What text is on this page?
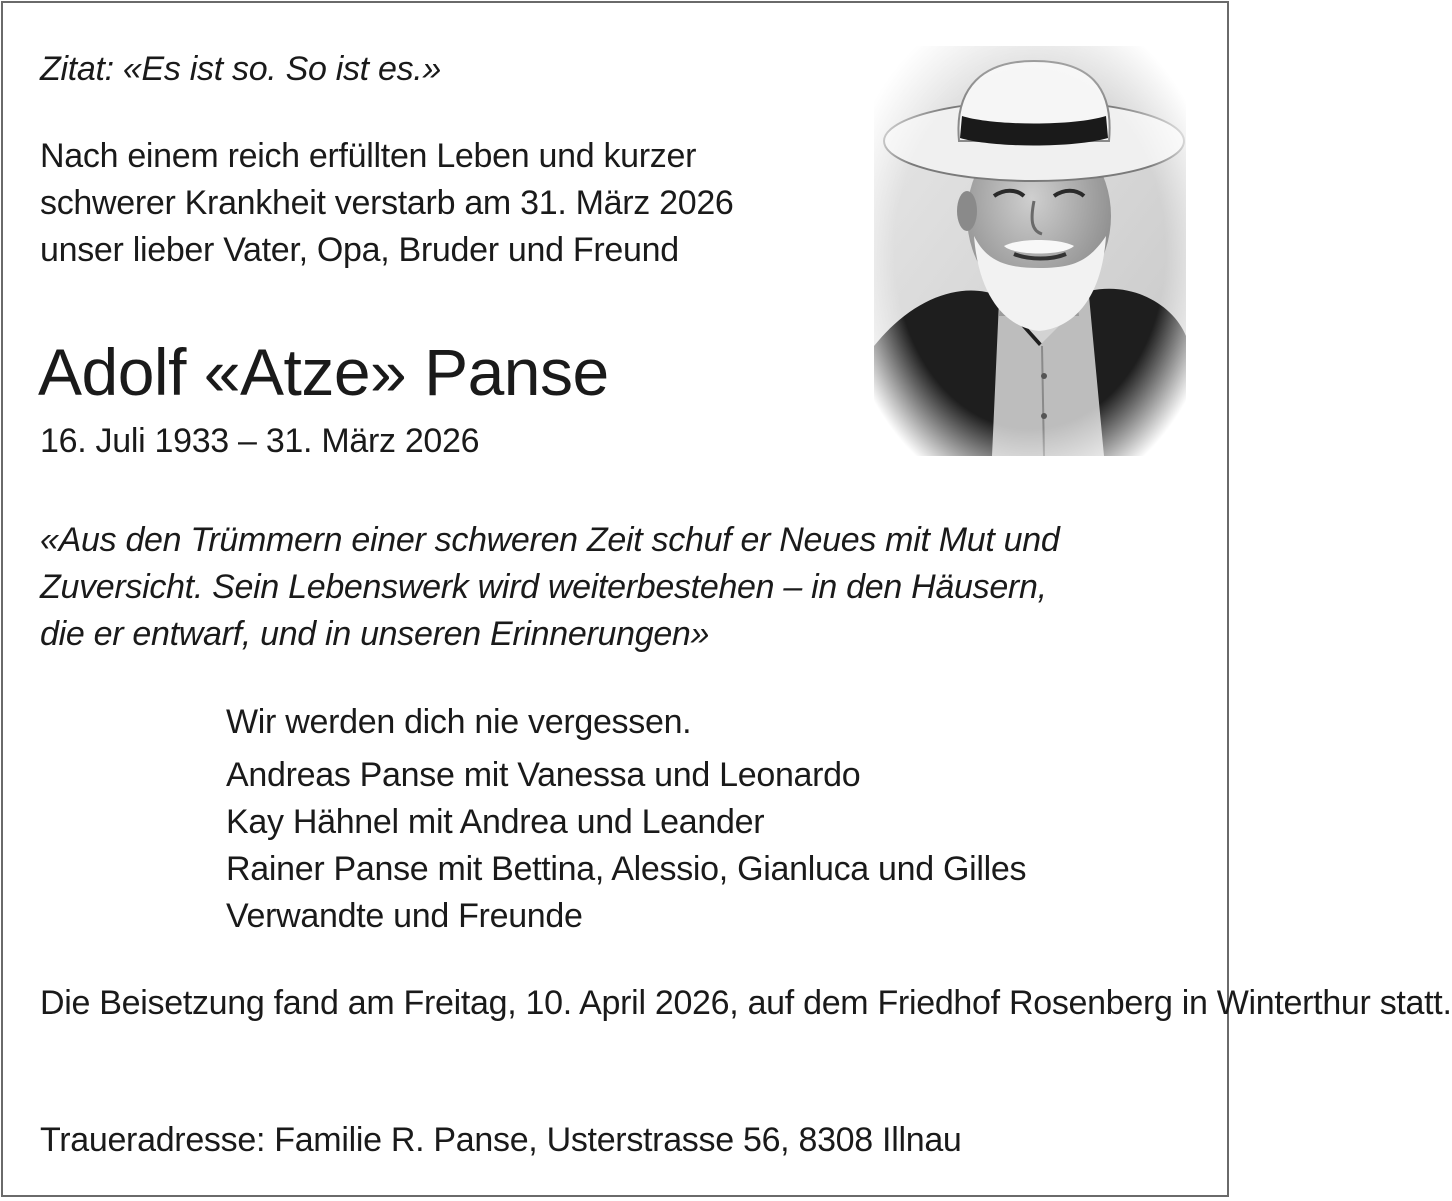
Zitat: «Es ist so. So ist es.»

Nach einem reich erfüllten Leben und kurzer
schwerer Krankheit verstarb am 31. März 2026
unser lieber Vater, Opa, Bruder und Freund

Adolf «Atze» Panse

16. Juli 1933 – 31. März 2026

«Aus den Trümmern einer schweren Zeit schuf er Neues mit Mut und
Zuversicht. Sein Lebenswerk wird weiterbestehen – in den Häusern,
die er entwarf, und in unseren Erinnerungen»

Wir werden dich nie vergessen.

Andreas Panse mit Vanessa und Leonardo
Kay Hähnel mit Andrea und Leander
Rainer Panse mit Bettina, Alessio, Gianluca und Gilles
Verwandte und Freunde

Die Beisetzung fand am Freitag, 10. April 2026, auf dem Friedhof Rosenberg in Winterthur statt.

Traueradresse: Familie R. Panse, Usterstrasse 56, 8308 Illnau
